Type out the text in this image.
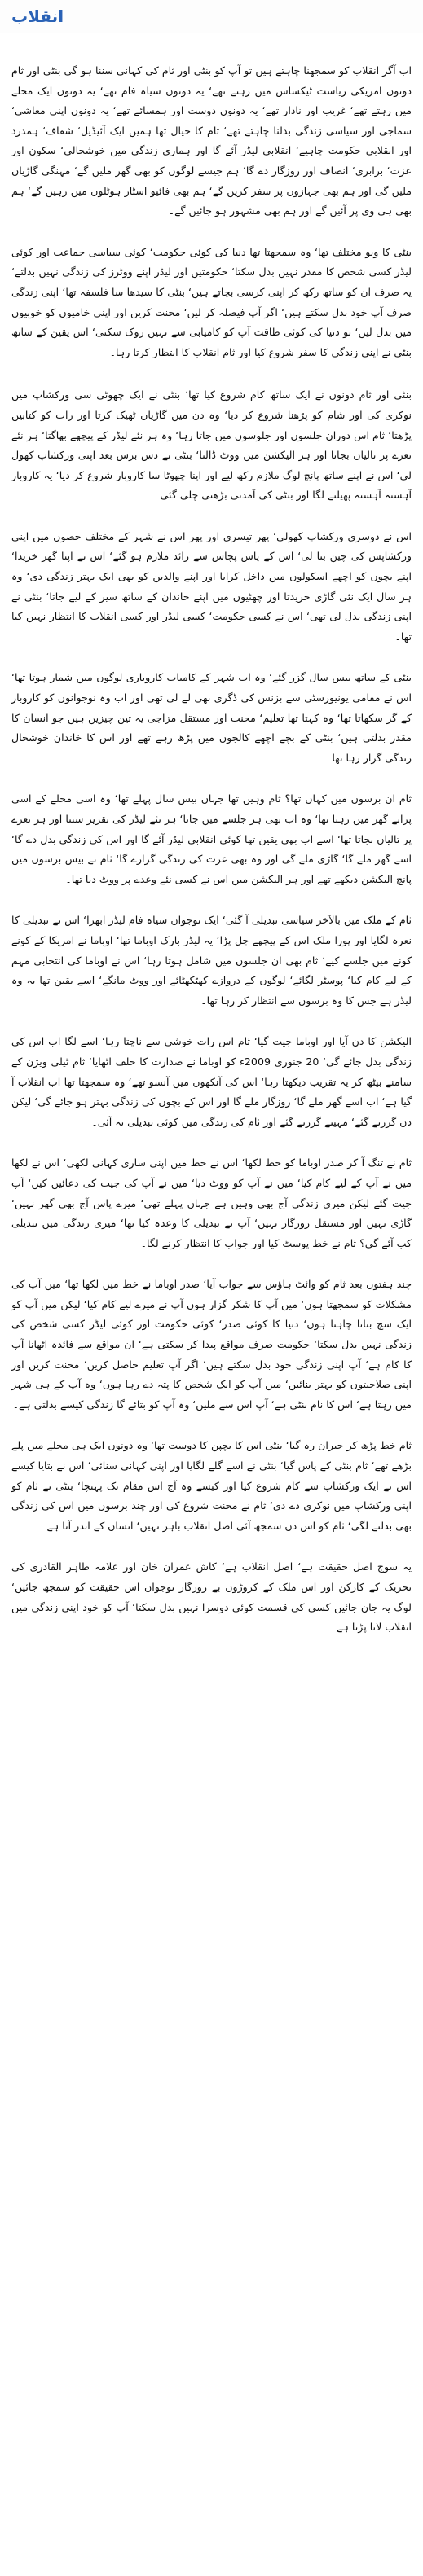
انقلاب

اب آگر انقلاب کو سمجھنا چاہتے ہیں تو آپ کو بنٹی اور ثام کی کہانی سننا ہو گی بنٹی اور ثام دونوں امریکی ریاست ٹیکساس میں رہتے تھے‘ یہ دونوں سیاہ فام تھے‘ یہ دونوں ایک محلے میں رہتے تھے‘ غریب اور نادار تھے‘ یہ دونوں دوست اور ہمسائے تھے‘ یہ دونوں اپنی معاشی‘ سماجی اور سیاسی زندگی بدلنا چاہتے تھے‘ ثام کا خیال تھا ہمیں ایک آئیڈیل‘ شفاف‘ ہمدرد اور انقلابی حکومت چاہیے‘ انقلابی لیڈر آئے گا اور ہماری زندگی میں خوشحالی‘ سکون اور عزت‘ برابری‘ انصاف اور روزگار دے گا‘ ہم جیسے لوگوں کو بھی گھر ملیں گے‘ مہنگی گاڑیاں ملیں گی اور ہم بھی جہازوں پر سفر کریں گے‘ ہم بھی فائیو اسٹار ہوٹلوں میں رہیں گے‘ ہم بھی ہی وی پر آئیں گے اور ہم بھی مشہور ہو جائیں گے۔

بنٹی کا ویو مختلف تھا‘ وہ سمجھتا تھا دنیا کی کوئی حکومت‘ کوئی سیاسی جماعت اور کوئی لیڈر کسی شخص کا مقدر نہیں بدل سکتا‘ حکومتیں اور لیڈر اپنے ووٹرز کی زندگی نہیں بدلتے‘ یہ صرف ان کو ساتھ رکھ کر اپنی کرسی بچاتے ہیں‘ بنٹی کا سیدھا سا فلسفہ تھا‘ اپنی زندگی صرف آپ خود بدل سکتے ہیں‘ اگر آپ فیصلہ کر لیں‘ محنت کریں اور اپنی خامیوں کو خوبیوں میں بدل لیں‘ تو دنیا کی کوئی طاقت آپ کو کامیابی سے نہیں روک سکتی‘ اس یقین کے ساتھ بنٹی نے اپنی زندگی کا سفر شروع کیا اور ثام انقلاب کا انتظار کرتا رہا۔

بنٹی اور ثام دونوں نے ایک ساتھ کام شروع کیا تھا‘ بنٹی نے ایک چھوٹی سی ورکشاپ میں نوکری کی اور شام کو پڑھنا شروع کر دیا‘ وہ دن میں گاڑیاں ٹھیک کرتا اور رات کو کتابیں پڑھتا‘ ثام اس دوران جلسوں اور جلوسوں میں جاتا رہا‘ وہ ہر نئے لیڈر کے پیچھے بھاگتا‘ ہر نئے نعرے پر تالیاں بجاتا اور ہر الیکشن میں ووٹ ڈالتا‘ بنٹی نے دس برس بعد اپنی ورکشاپ کھول لی‘ اس نے اپنے ساتھ پانچ لوگ ملازم رکھ لیے اور اپنا چھوٹا سا کاروبار شروع کر دیا‘ یہ کاروبار آہستہ آہستہ پھیلنے لگا اور بنٹی کی آمدنی بڑھتی چلی گئی۔

اس نے دوسری ورکشاپ کھولی‘ پھر تیسری اور پھر اس نے شہر کے مختلف حصوں میں اپنی ورکشاپس کی چین بنا لی‘ اس کے پاس پچاس سے زائد ملازم ہو گئے‘ اس نے اپنا گھر خریدا‘ اپنے بچوں کو اچھے اسکولوں میں داخل کرایا اور اپنے والدین کو بھی ایک بہتر زندگی دی‘ وہ ہر سال ایک نئی گاڑی خریدتا اور چھٹیوں میں اپنے خاندان کے ساتھ سیر کے لیے جاتا‘ بنٹی نے اپنی زندگی بدل لی تھی‘ اس نے کسی حکومت‘ کسی لیڈر اور کسی انقلاب کا انتظار نہیں کیا تھا۔

بنٹی کے ساتھ بیس سال گزر گئے‘ وہ اب شہر کے کامیاب کاروباری لوگوں میں شمار ہوتا تھا‘ اس نے مقامی یونیورسٹی سے بزنس کی ڈگری بھی لے لی تھی اور اب وہ نوجوانوں کو کاروبار کے گر سکھاتا تھا‘ وہ کہتا تھا تعلیم‘ محنت اور مستقل مزاجی یہ تین چیزیں ہیں جو انسان کا مقدر بدلتی ہیں‘ بنٹی کے بچے اچھے کالجوں میں پڑھ رہے تھے اور اس کا خاندان خوشحال زندگی گزار رہا تھا۔

ثام ان برسوں میں کہاں تھا؟ ثام وہیں تھا جہاں بیس سال پہلے تھا‘ وہ اسی محلے کے اسی پرانے گھر میں رہتا تھا‘ وہ اب بھی ہر جلسے میں جاتا‘ ہر نئے لیڈر کی تقریر سنتا اور ہر نعرے پر تالیاں بجاتا تھا‘ اسے اب بھی یقین تھا کوئی انقلابی لیڈر آئے گا اور اس کی زندگی بدل دے گا‘ اسے گھر ملے گا‘ گاڑی ملے گی اور وہ بھی عزت کی زندگی گزارے گا‘ ثام نے بیس برسوں میں پانچ الیکشن دیکھے تھے اور ہر الیکشن میں اس نے کسی نئے وعدے پر ووٹ دیا تھا۔

ثام کے ملک میں بالآخر سیاسی تبدیلی آ گئی‘ ایک نوجوان سیاہ فام لیڈر ابھرا‘ اس نے تبدیلی کا نعرہ لگایا اور پورا ملک اس کے پیچھے چل پڑا‘ یہ لیڈر بارک اوباما تھا‘ اوباما نے امریکا کے کونے کونے میں جلسے کیے‘ ثام بھی ان جلسوں میں شامل ہوتا رہا‘ اس نے اوباما کی انتخابی مہم کے لیے کام کیا‘ پوسٹر لگائے‘ لوگوں کے دروازے کھٹکھٹائے اور ووٹ مانگے‘ اسے یقین تھا یہ وہ لیڈر ہے جس کا وہ برسوں سے انتظار کر رہا تھا۔

الیکشن کا دن آیا اور اوباما جیت گیا‘ ثام اس رات خوشی سے ناچتا رہا‘ اسے لگا اب اس کی زندگی بدل جائے گی‘ 20 جنوری 2009ء کو اوباما نے صدارت کا حلف اٹھایا‘ ثام ٹیلی ویژن کے سامنے بیٹھ کر یہ تقریب دیکھتا رہا‘ اس کی آنکھوں میں آنسو تھے‘ وہ سمجھتا تھا اب انقلاب آ گیا ہے‘ اب اسے گھر ملے گا‘ روزگار ملے گا اور اس کے بچوں کی زندگی بہتر ہو جائے گی‘ لیکن دن گزرتے گئے‘ مہینے گزرتے گئے اور ثام کی زندگی میں کوئی تبدیلی نہ آئی۔

ثام نے تنگ آ کر صدر اوباما کو خط لکھا‘ اس نے خط میں اپنی ساری کہانی لکھی‘ اس نے لکھا میں نے آپ کے لیے کام کیا‘ میں نے آپ کو ووٹ دیا‘ میں نے آپ کی جیت کی دعائیں کیں‘ آپ جیت گئے لیکن میری زندگی آج بھی وہیں ہے جہاں پہلے تھی‘ میرے پاس آج بھی گھر نہیں‘ گاڑی نہیں اور مستقل روزگار نہیں‘ آپ نے تبدیلی کا وعدہ کیا تھا‘ میری زندگی میں تبدیلی کب آئے گی؟ ثام نے خط پوسٹ کیا اور جواب کا انتظار کرنے لگا۔

چند ہفتوں بعد ثام کو وائٹ ہاؤس سے جواب آیا‘ صدر اوباما نے خط میں لکھا تھا‘ میں آپ کی مشکلات کو سمجھتا ہوں‘ میں آپ کا شکر گزار ہوں آپ نے میرے لیے کام کیا‘ لیکن میں آپ کو ایک سچ بتانا چاہتا ہوں‘ دنیا کا کوئی صدر‘ کوئی حکومت اور کوئی لیڈر کسی شخص کی زندگی نہیں بدل سکتا‘ حکومت صرف مواقع پیدا کر سکتی ہے‘ ان مواقع سے فائدہ اٹھانا آپ کا کام ہے‘ آپ اپنی زندگی خود بدل سکتے ہیں‘ اگر آپ تعلیم حاصل کریں‘ محنت کریں اور اپنی صلاحیتوں کو بہتر بنائیں‘ میں آپ کو ایک شخص کا پتہ دے رہا ہوں‘ وہ آپ کے ہی شہر میں رہتا ہے‘ اس کا نام بنٹی ہے‘ آپ اس سے ملیں‘ وہ آپ کو بتائے گا زندگی کیسے بدلتی ہے۔

ثام خط پڑھ کر حیران رہ گیا‘ بنٹی اس کا بچپن کا دوست تھا‘ وہ دونوں ایک ہی محلے میں پلے بڑھے تھے‘ ثام بنٹی کے پاس گیا‘ بنٹی نے اسے گلے لگایا اور اپنی کہانی سنائی‘ اس نے بتایا کیسے اس نے ایک ورکشاپ سے کام شروع کیا اور کیسے وہ آج اس مقام تک پہنچا‘ بنٹی نے ثام کو اپنی ورکشاپ میں نوکری دے دی‘ ثام نے محنت شروع کی اور چند برسوں میں اس کی زندگی بھی بدلنے لگی‘ ثام کو اس دن سمجھ آئی اصل انقلاب باہر نہیں‘ انسان کے اندر آتا ہے۔

یہ سوچ اصل حقیقت ہے‘ اصل انقلاب ہے‘ کاش عمران خان اور علامہ طاہر القادری کی تحریک کے کارکن اور اس ملک کے کروڑوں بے روزگار نوجوان اس حقیقت کو سمجھ جائیں‘ لوگ یہ جان جائیں کسی کی قسمت کوئی دوسرا نہیں بدل سکتا‘ آپ کو خود اپنی زندگی میں انقلاب لانا پڑتا ہے۔
